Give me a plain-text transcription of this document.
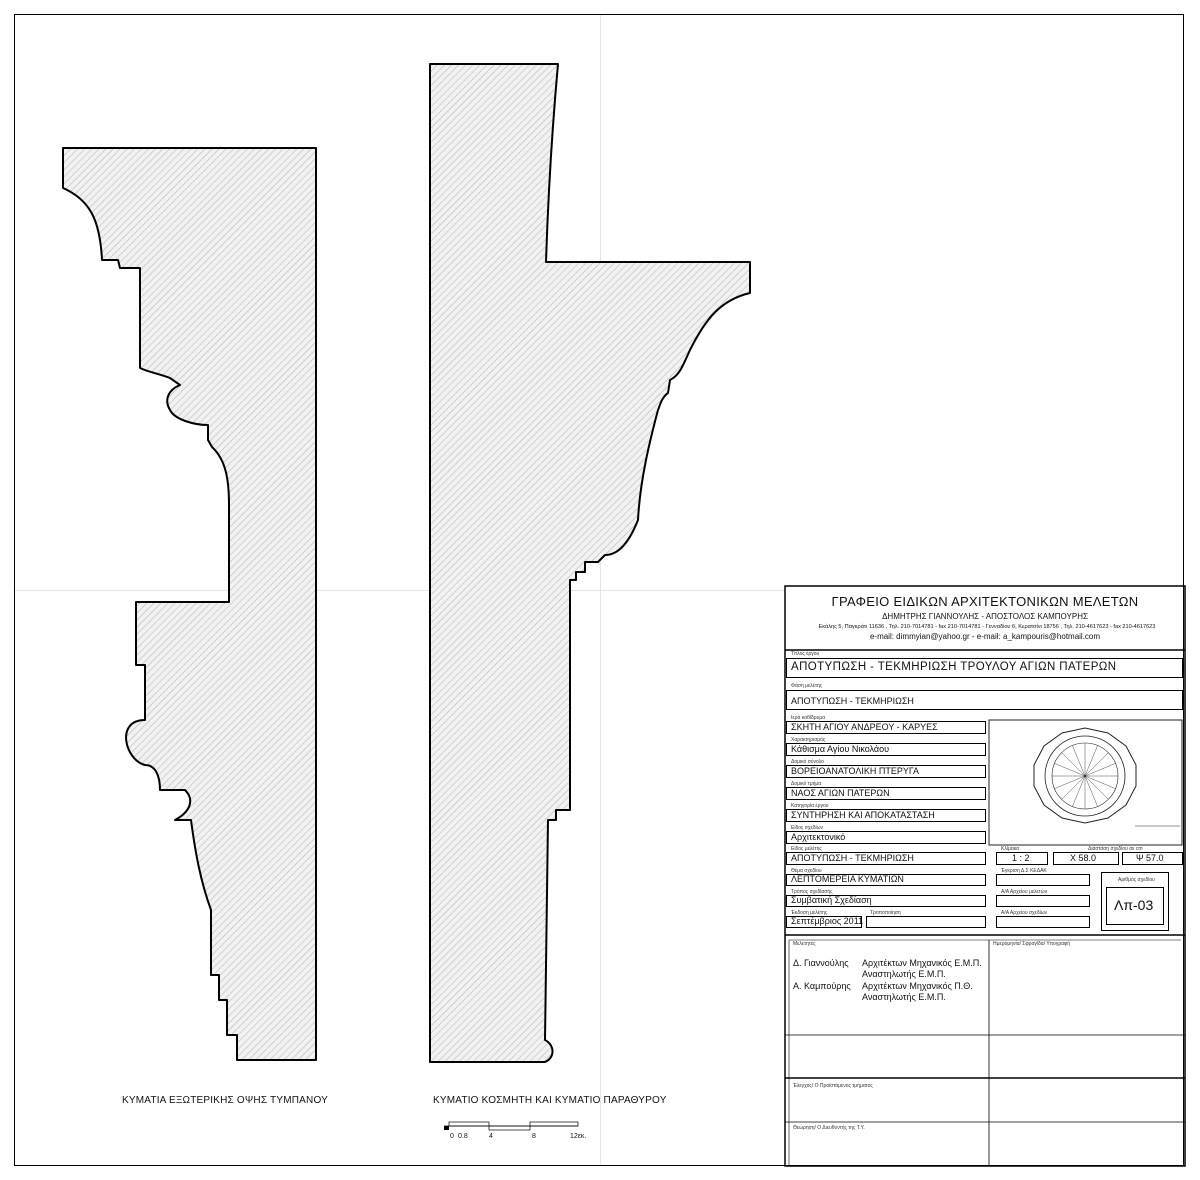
ΚΥΜΑΤΙΑ ΕΞΩΤΕΡΙΚΗΣ ΟΨΗΣ ΤΥΜΠΑΝΟΥ	ΚΥΜΑΤΙΟ ΚΟΣΜΗΤΗ ΚΑΙ ΚΥΜΑΤΙΟ ΠΑΡΑΘΥΡΟΥ
0 0.8	4	8	12εκ.
ΓΡΑΦΕΙΟ ΕΙΔΙΚΩΝ ΑΡΧΙΤΕΚΤΟΝΙΚΩΝ ΜΕΛΕΤΩΝ
ΔΗΜΗΤΡΗΣ ΓΙΑΝΝΟΥΛΗΣ - ΑΠΟΣΤΟΛΟΣ ΚΑΜΠΟΥΡΗΣ
Εκάλης 5, Παγκράτι 11636 , Τηλ. 210-7014781 - fax 210-7014781 - Γενναδίου 6, Κερατσίνι 18756 , Τηλ. 210-4617623 - fax 210-4617623
e-mail: dimmyian@yahoo.gr - e-mail: a_kampouris@hotmail.com
Τίτλος έργου
ΑΠΟΤΥΠΩΣΗ - ΤΕΚΜΗΡΙΩΣΗ ΤΡΟΥΛΟΥ ΑΓΙΩΝ ΠΑΤΕΡΩΝ
Φάση μελέτης
ΑΠΟΤΥΠΩΣΗ - ΤΕΚΜΗΡΙΩΣΗ
Ιερά καθίδρυμα
ΣΚΗΤΗ ΑΓΙΟΥ ΑΝΔΡΕΟΥ - ΚΑΡΥΕΣ
Χαρακτηρισμός
Κάθισμα Αγίου Νικολάου
Δομικό σύνολο
ΒΟΡΕΙΟΑΝΑΤΟΛΙΚΗ ΠΤΕΡΥΓΑ
Δομικό τμήμα
ΝΑΟΣ ΑΓΙΩΝ ΠΑΤΕΡΩΝ
Κατηγορία έργου
ΣΥΝΤΗΡΗΣΗ ΚΑΙ ΑΠΟΚΑΤΑΣΤΑΣΗ
Είδος σχεδίων
Αρχιτεκτονικό
Είδος μελέτης
ΑΠΟΤΥΠΩΣΗ - ΤΕΚΜΗΡΙΩΣΗ
Κλίμακα
1 : 2
Διάσταση σχεδίου σε cm
X 58.0	Ψ 57.0
Θέμα σχεδίου
ΛΕΠΤΟΜΕΡΕΙΑ ΚΥΜΑΤΙΩΝ
Έγκριση Δ.Σ ΚΕΔΑΚ
Τρόπος σχεδίασης
Συμβατική Σχεδίαση
Α/Α Αρχείου μελετών
Έκδοση μελέτης
Σεπτέμβριος 2011
Τροποποίηση	Α/Α Αρχείου σχεδίων
Αριθμός σχεδίου
Λπ-03
Μελετητές	Ημερομηνία/ Σφραγίδα/ Υπογραφή
Δ. Γιαννούλης Αρχιτέκτων Μηχανικός Ε.Μ.Π.
Αναστηλωτής Ε.Μ.Π.
Α. Καμπούρης Αρχιτέκτων Μηχανικός Π.Θ.
Αναστηλωτής Ε.Μ.Π.
Έλεγχος/ Ο Προϊστάμενος τμήματος
Θεώρηση/ Ο Διευθυντής της Τ.Υ.
